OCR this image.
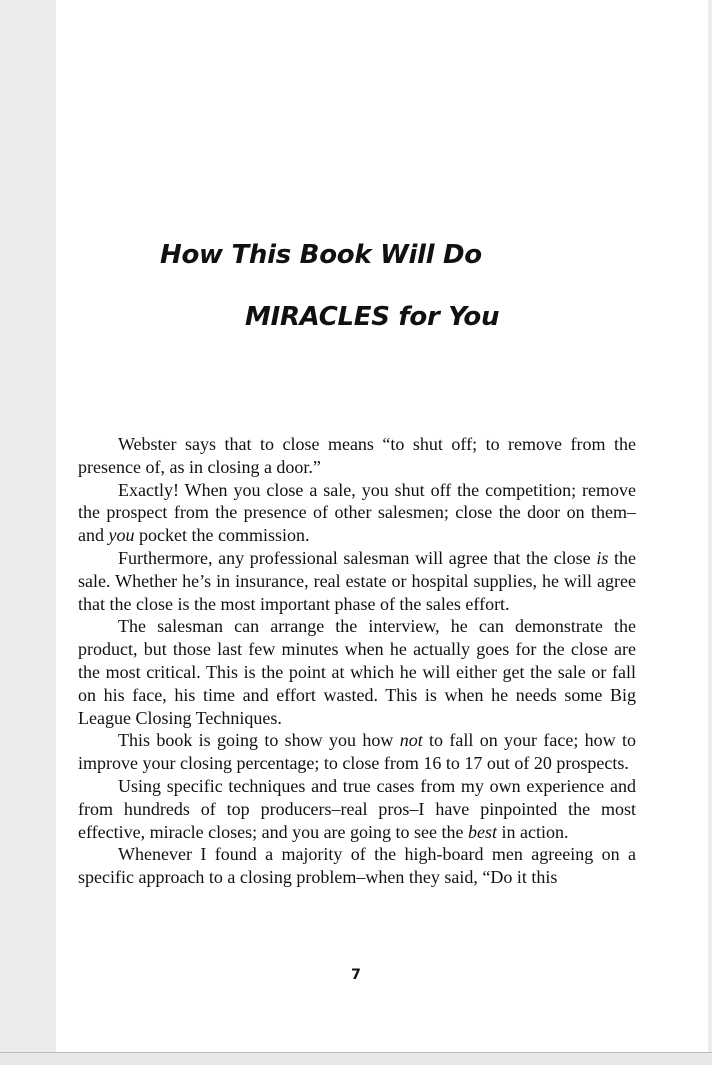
How This Book Will Do
MIRACLES for You

Webster says that to close means “to shut off; to remove from the presence of, as in closing a door.”

Exactly! When you close a sale, you shut off the competition; remove the prospect from the presence of other salesmen; close the door on them–and you pocket the commission.

Furthermore, any professional salesman will agree that the close is the sale. Whether he’s in insurance, real estate or hospital supplies, he will agree that the close is the most important phase of the sales effort.

The salesman can arrange the interview, he can demonstrate the product, but those last few minutes when he actually goes for the close are the most critical. This is the point at which he will either get the sale or fall on his face, his time and effort wasted. This is when he needs some Big League Closing Techniques.

This book is going to show you how not to fall on your face; how to improve your closing percentage; to close from 16 to 17 out of 20 prospects.

Using specific techniques and true cases from my own experience and from hundreds of top producers–real pros–I have pinpointed the most effective, miracle closes; and you are going to see the best in action.

Whenever I found a majority of the high-board men agreeing on a specific approach to a closing problem–when they said, “Do it this

7
